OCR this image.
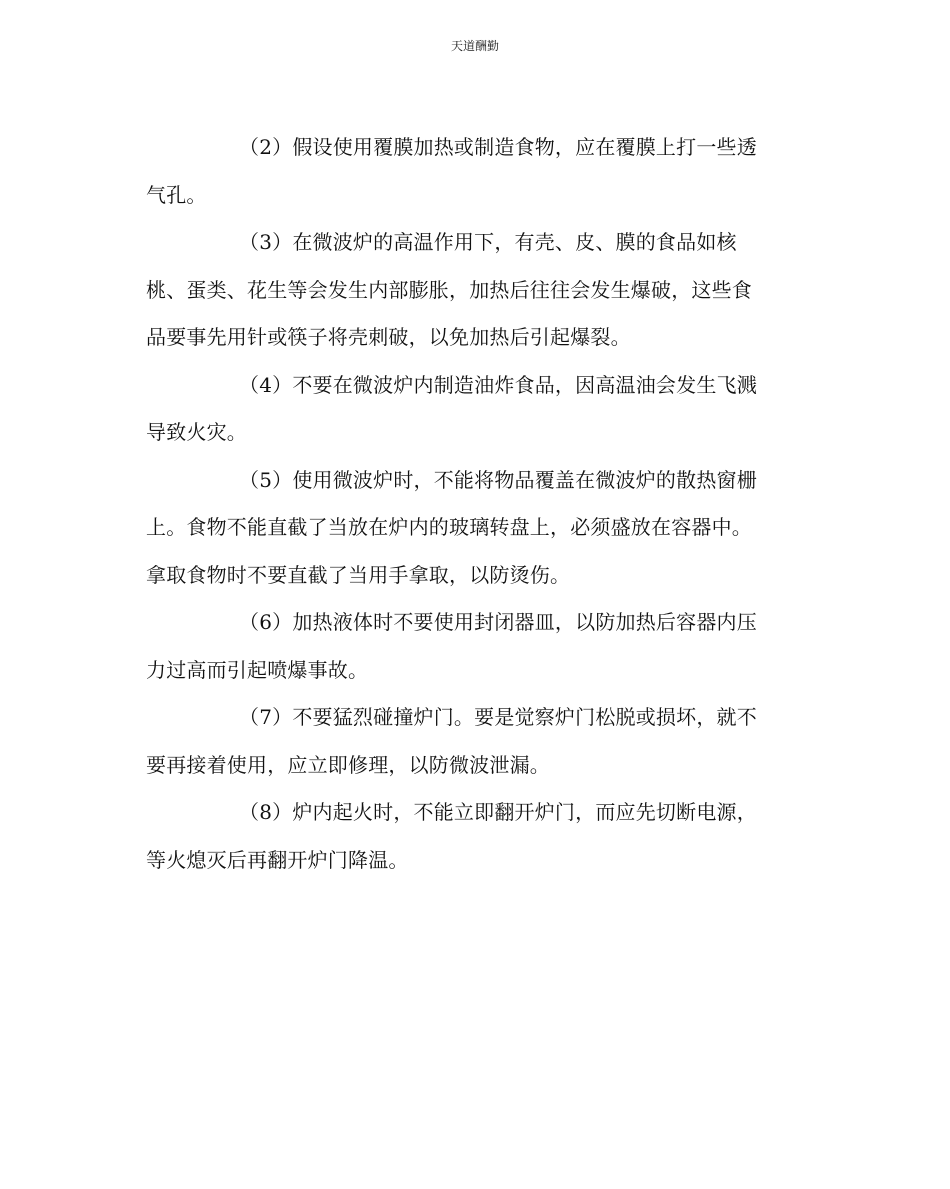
天道酬勤
（2）假设使用覆膜加热或制造食物，应在覆膜上打一些透
气孔。
（3）在微波炉的高温作用下，有壳、皮、膜的食品如核
桃、蛋类、花生等会发生内部膨胀，加热后往往会发生爆破，这些食
品要事先用针或筷子将壳刺破，以免加热后引起爆裂。
（4）不要在微波炉内制造油炸食品，因高温油会发生飞溅
导致火灾。
（5）使用微波炉时，不能将物品覆盖在微波炉的散热窗栅
上。食物不能直截了当放在炉内的玻璃转盘上，必须盛放在容器中。
拿取食物时不要直截了当用手拿取，以防烫伤。
（6）加热液体时不要使用封闭器皿，以防加热后容器内压
力过高而引起喷爆事故。
（7）不要猛烈碰撞炉门。要是觉察炉门松脱或损坏，就不
要再接着使用，应立即修理，以防微波泄漏。
（8）炉内起火时，不能立即翻开炉门，而应先切断电源，
等火熄灭后再翻开炉门降温。
